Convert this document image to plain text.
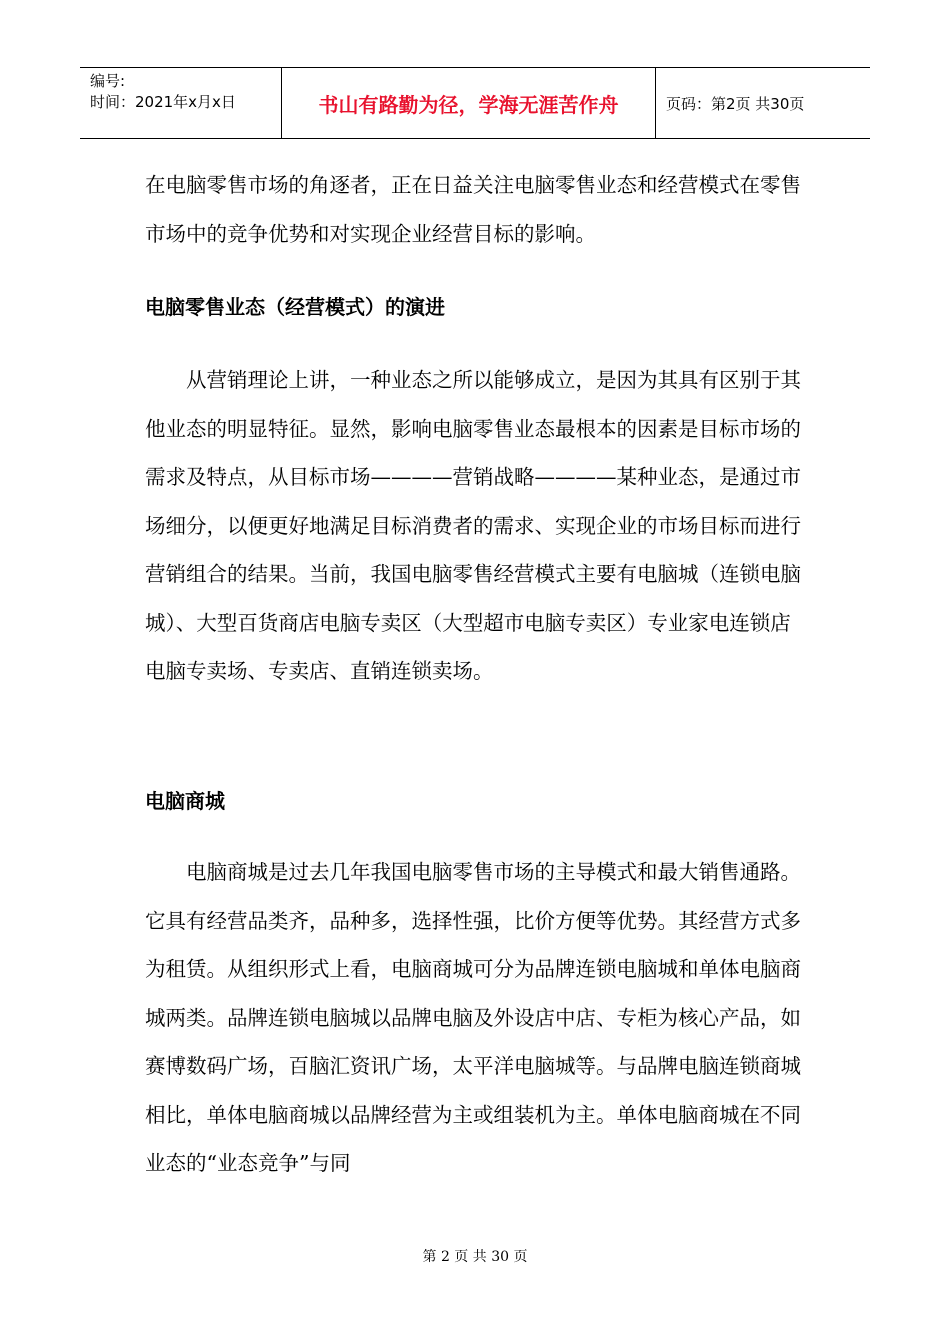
编号:
时间：2021年x月x日	书山有路勤为径，学海无涯苦作舟	页码：第2页 共30页

在电脑零售市场的角逐者，正在日益关注电脑零售业态和经营模式在零售市场中的竞争优势和对实现企业经营目标的影响。

电脑零售业态（经营模式）的演进

从营销理论上讲，一种业态之所以能够成立，是因为其具有区别于其他业态的明显特征。显然，影响电脑零售业态最根本的因素是目标市场的需求及特点，从目标市场————营销战略————某种业态，是通过市场细分，以便更好地满足目标消费者的需求、实现企业的市场目标而进行营销组合的结果。当前，我国电脑零售经营模式主要有电脑城（连锁电脑城）、大型百货商店电脑专卖区（大型超市电脑专卖区）专业家电连锁店电脑专卖场、专卖店、直销连锁卖场。

电脑商城

电脑商城是过去几年我国电脑零售市场的主导模式和最大销售通路。它具有经营品类齐，品种多，选择性强，比价方便等优势。其经营方式多为租赁。从组织形式上看，电脑商城可分为品牌连锁电脑城和单体电脑商城两类。品牌连锁电脑城以品牌电脑及外设店中店、专柜为核心产品，如赛博数码广场，百脑汇资讯广场，太平洋电脑城等。与品牌电脑连锁商城相比，单体电脑商城以品牌经营为主或组装机为主。单体电脑商城在不同业态的“业态竞争”与同

第 2 页 共 30 页
